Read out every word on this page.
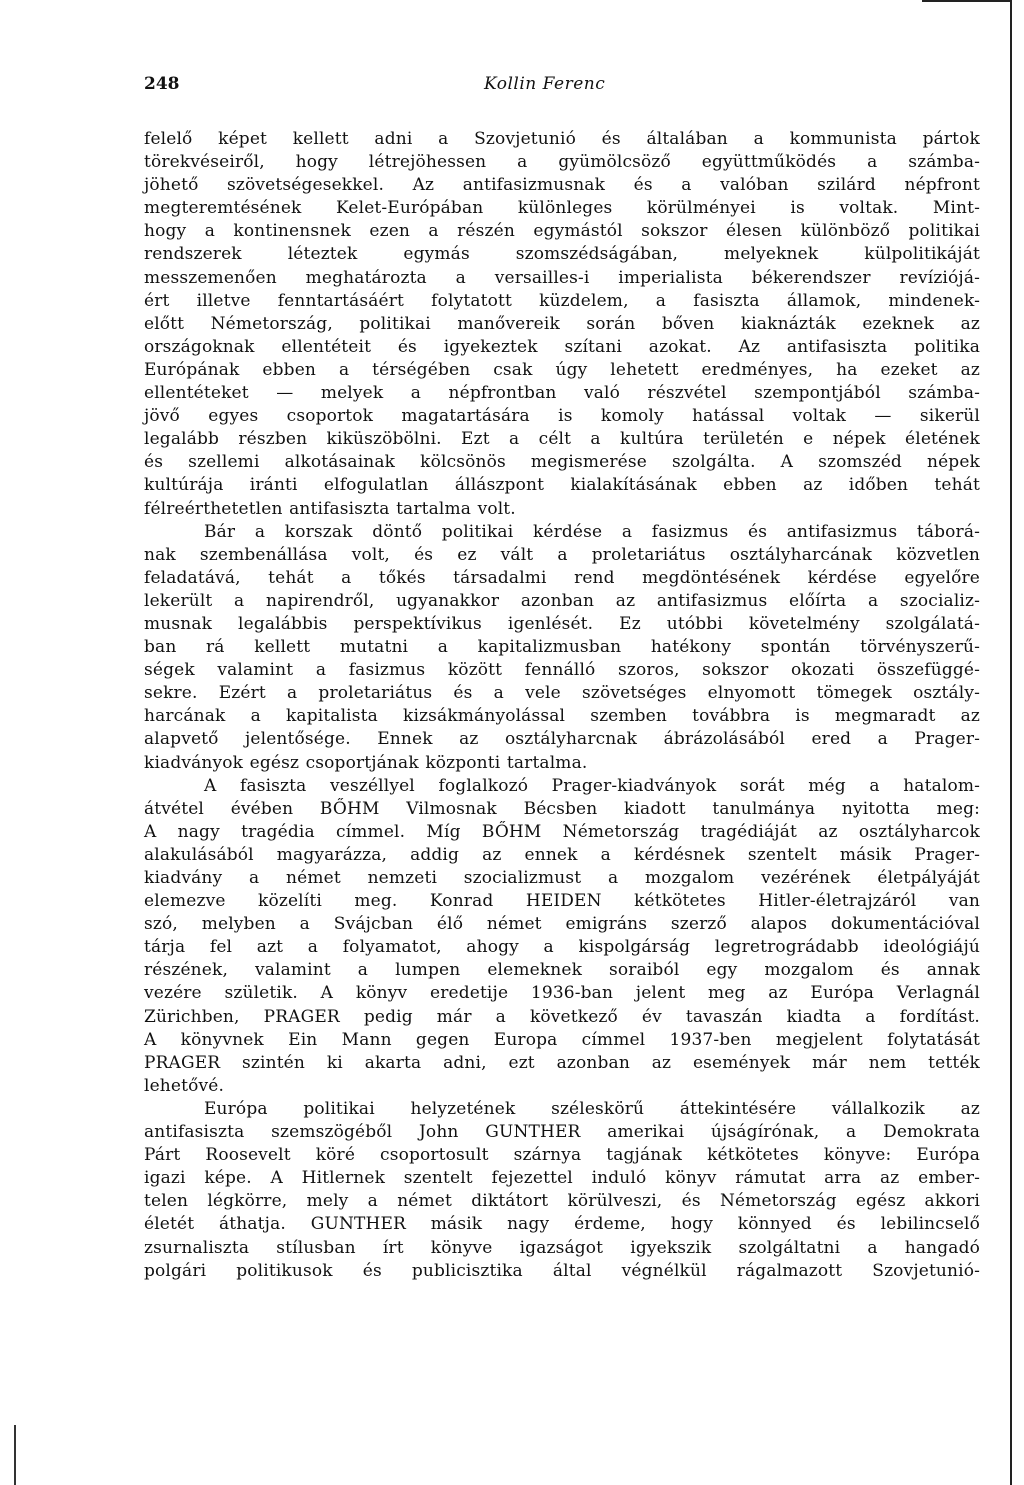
248	Kollin Ferenc

felelő képet kellett adni a Szovjetunió és általában a kommunista pártok

törekvéseiről, hogy létrejöhessen a gyümölcsöző együttműködés a számba-

jöhető szövetségesekkel. Az antifasizmusnak és a valóban szilárd népfront

megteremtésének Kelet-Európában különleges körülményei is voltak. Mint-

hogy a kontinensnek ezen a részén egymástól sokszor élesen különböző politikai

rendszerek léteztek egymás szomszédságában, melyeknek külpolitikáját

messzemenően meghatározta a versailles-i imperialista békerendszer revíziójá-

ért illetve fenntartásáért folytatott küzdelem, a fasiszta államok, mindenek-

előtt Németország, politikai manővereik során bőven kiaknázták ezeknek az

országoknak ellentéteit és igyekeztek szítani azokat. Az antifasiszta politika

Európának ebben a térségében csak úgy lehetett eredményes, ha ezeket az

ellentéteket — melyek a népfrontban való részvétel szempontjából számba-

jövő egyes csoportok magatartására is komoly hatással voltak — sikerül

legalább részben kiküszöbölni. Ezt a célt a kultúra területén e népek életének

és szellemi alkotásainak kölcsönös megismerése szolgálta. A szomszéd népek

kultúrája iránti elfogulatlan állászpont kialakításának ebben az időben tehát

félreérthetetlen antifasiszta tartalma volt.

Bár a korszak döntő politikai kérdése a fasizmus és antifasizmus táborá-

nak szembenállása volt, és ez vált a proletariátus osztályharcának közvetlen

feladatává, tehát a tőkés társadalmi rend megdöntésének kérdése egyelőre

lekerült a napirendről, ugyanakkor azonban az antifasizmus előírta a szocializ-

musnak legalábbis perspektívikus igenlését. Ez utóbbi követelmény szolgálatá-

ban rá kellett mutatni a kapitalizmusban hatékony spontán törvényszerű-

ségek valamint a fasizmus között fennálló szoros, sokszor okozati összefüggé-

sekre. Ezért a proletariátus és a vele szövetséges elnyomott tömegek osztály-

harcának a kapitalista kizsákmányolással szemben továbbra is megmaradt az

alapvető jelentősége. Ennek az osztályharcnak ábrázolásából ered a Prager-

kiadványok egész csoportjának központi tartalma.

A fasiszta veszéllyel foglalkozó Prager-kiadványok sorát még a hatalom-

átvétel évében BŐHM Vilmosnak Bécsben kiadott tanulmánya nyitotta meg:

A nagy tragédia címmel. Míg BŐHM Németország tragédiáját az osztályharcok

alakulásából magyarázza, addig az ennek a kérdésnek szentelt másik Prager-

kiadvány a német nemzeti szocializmust a mozgalom vezérének életpályáját

elemezve közelíti meg. Konrad HEIDEN kétkötetes Hitler-életrajzáról van

szó, melyben a Svájcban élő német emigráns szerző alapos dokumentációval

tárja fel azt a folyamatot, ahogy a kispolgárság legretrográdabb ideológiájú

részének, valamint a lumpen elemeknek soraiból egy mozgalom és annak

vezére születik. A könyv eredetije 1936-ban jelent meg az Európa Verlagnál

Zürichben, PRAGER pedig már a következő év tavaszán kiadta a fordítást.

A könyvnek Ein Mann gegen Europa címmel 1937-ben megjelent folytatását

PRAGER szintén ki akarta adni, ezt azonban az események már nem tették

lehetővé.

Európa politikai helyzetének széleskörű áttekintésére vállalkozik az

antifasiszta szemszögéből John GUNTHER amerikai újságírónak, a Demokrata

Párt Roosevelt köré csoportosult szárnya tagjának kétkötetes könyve: Európa

igazi képe. A Hitlernek szentelt fejezettel induló könyv rámutat arra az ember-

telen légkörre, mely a német diktátort körülveszi, és Németország egész akkori

életét áthatja. GUNTHER másik nagy érdeme, hogy könnyed és lebilincselő

zsurnaliszta stílusban írt könyve igazságot igyekszik szolgáltatni a hangadó

polgári politikusok és publicisztika által végnélkül rágalmazott Szovjetunió-
